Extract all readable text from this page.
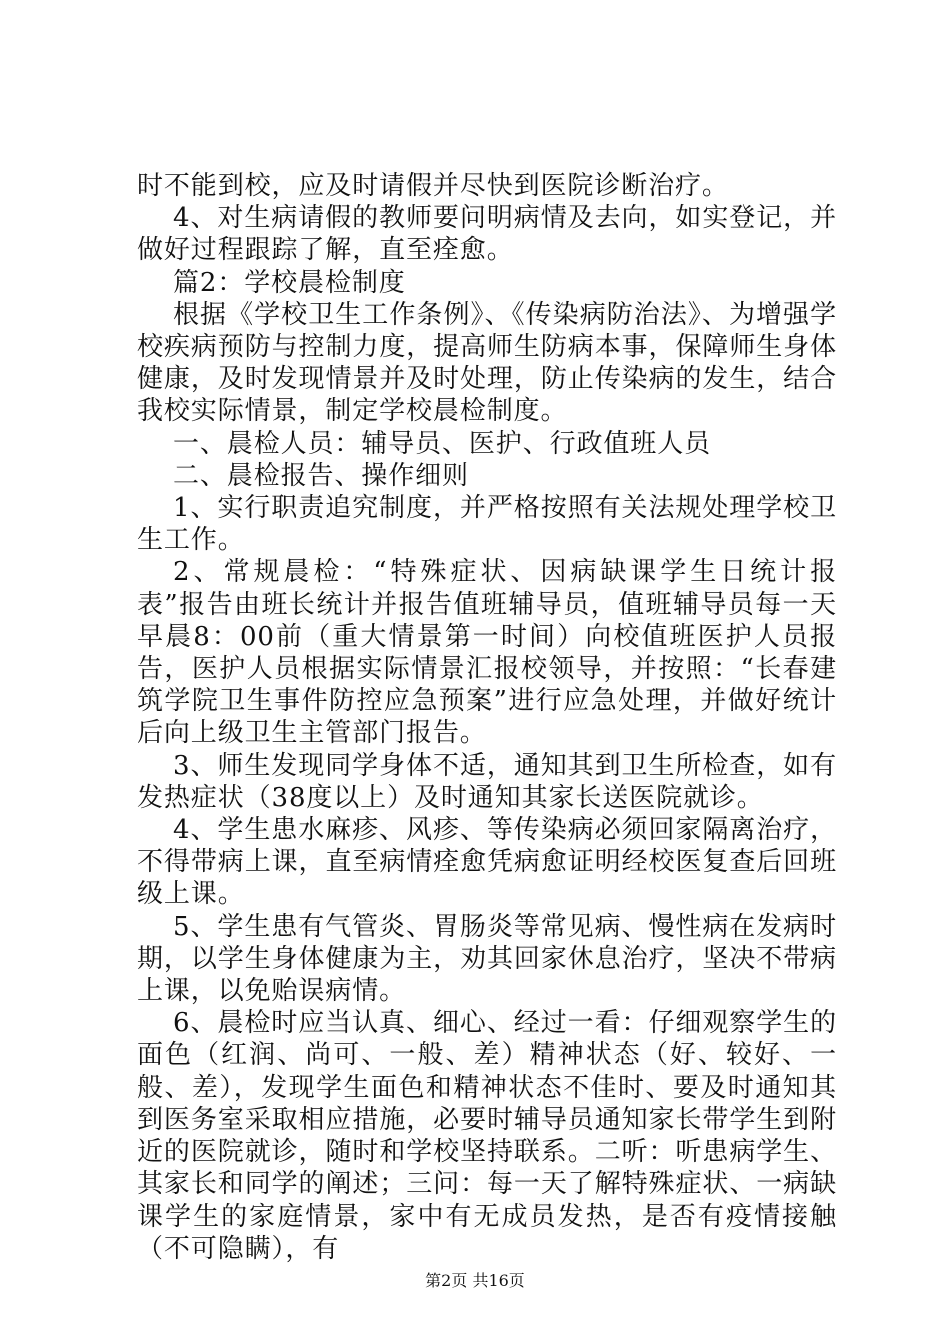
时不能到校，应及时请假并尽快到医院诊断治疗。

4、对生病请假的教师要问明病情及去向，如实登记，并做好过程跟踪了解，直至痊愈。

篇2：学校晨检制度

根据《学校卫生工作条例》、《传染病防治法》、为增强学校疾病预防与控制力度，提高师生防病本事，保障师生身体健康，及时发现情景并及时处理，防止传染病的发生，结合我校实际情景，制定学校晨检制度。

一、晨检人员：辅导员、医护、行政值班人员

二、晨检报告、操作细则

1、实行职责追究制度，并严格按照有关法规处理学校卫生工作。

2、常规晨检：“特殊症状、因病缺课学生日统计报表”报告由班长统计并报告值班辅导员，值班辅导员每一天早晨8：00前（重大情景第一时间）向校值班医护人员报告，医护人员根据实际情景汇报校领导，并按照：“长春建筑学院卫生事件防控应急预案”进行应急处理，并做好统计后向上级卫生主管部门报告。

3、师生发现同学身体不适，通知其到卫生所检查，如有发热症状（38度以上）及时通知其家长送医院就诊。

4、学生患水麻疹、风疹、等传染病必须回家隔离治疗，不得带病上课，直至病情痊愈凭病愈证明经校医复查后回班级上课。

5、学生患有气管炎、胃肠炎等常见病、慢性病在发病时期，以学生身体健康为主，劝其回家休息治疗，坚决不带病上课，以免贻误病情。

6、晨检时应当认真、细心、经过一看：仔细观察学生的面色（红润、尚可、一般、差）精神状态（好、较好、一般、差），发现学生面色和精神状态不佳时、要及时通知其到医务室采取相应措施，必要时辅导员通知家长带学生到附近的医院就诊，随时和学校坚持联系。二听：听患病学生、其家长和同学的阐述；三问：每一天了解特殊症状、一病缺课学生的家庭情景，家中有无成员发热，是否有疫情接触（不可隐瞒），有

第2页 共16页
